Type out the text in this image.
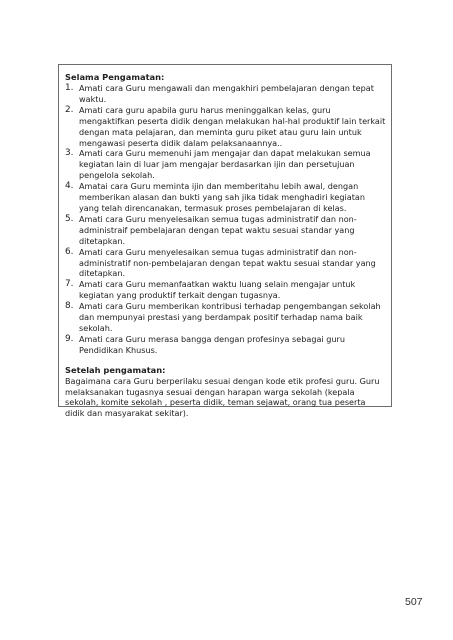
Selama Pengamatan:

1. Amati cara Guru mengawali dan mengakhiri pembelajaran dengan tepat waktu.
2. Amati cara guru apabila guru harus meninggalkan kelas, guru mengaktifkan peserta didik dengan melakukan hal-hal produktif lain terkait dengan mata pelajaran, dan meminta guru piket atau guru lain untuk mengawasi peserta didik dalam pelaksanaannya..
3. Amati cara Guru memenuhi jam mengajar dan dapat melakukan semua kegiatan lain di luar jam mengajar berdasarkan ijin dan persetujuan pengelola sekolah.
4. Amatai cara Guru meminta ijin dan memberitahu lebih awal, dengan memberikan alasan dan bukti yang sah jika tidak menghadiri kegiatan yang telah direncanakan, termasuk proses pembelajaran di kelas.
5. Amati cara Guru menyelesaikan semua tugas administratif dan non-administraif pembelajaran dengan tepat waktu sesuai standar yang ditetapkan.
6. Amati cara Guru menyelesaikan semua tugas administratif dan non-administratif non-pembelajaran dengan tepat waktu sesuai standar yang ditetapkan.
7. Amati cara Guru memanfaatkan waktu luang selain mengajar untuk kegiatan yang produktif terkait dengan tugasnya.
8. Amati cara Guru memberikan kontribusi terhadap pengembangan sekolah dan mempunyai prestasi yang berdampak positif terhadap nama baik sekolah.
9. Amati cara Guru merasa bangga dengan profesinya sebagai guru Pendidikan Khusus.

Setelah pengamatan:

Bagaimana cara Guru berperilaku sesuai dengan kode etik profesi guru. Guru melaksanakan tugasnya sesuai dengan harapan warga sekolah (kepala sekolah, komite sekolah , peserta didik, teman sejawat, orang tua peserta didik dan masyarakat sekitar).

507
